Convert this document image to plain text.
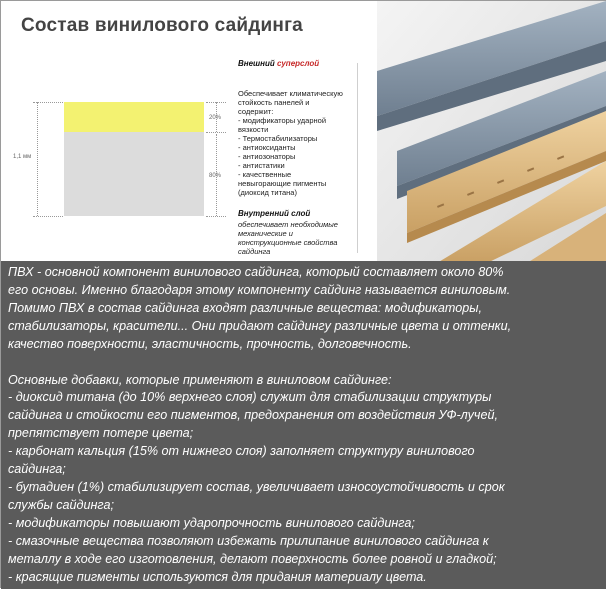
Состав винилового сайдинга
1,1 мм
20%
80%
Внешний суперслой
Обеспечивает климатическую
стойкость панелей и
содержит:
- модификаторы ударной
вязкости
- Термостабилизаторы
- антиоксиданты
- антиозонаторы
- антистатики
- качественные
невыгорающие пигменты
(диоксид титана)
Внутренний слой
обеспечивает необходимые
механические и
конструкционные свойства
сайдинга

ПВХ - основной компонент винилового сайдинга, который составляет около 80%

его основы. Именно благодаря этому компоненту сайдинг называется виниловым.

Помимо ПВХ в состав сайдинга входят различные вещества: модификаторы,

стабилизаторы, красители... Они придают сайдингу различные цвета и оттенки,

качество поверхности, эластичность, прочность, долговечность.

Основные добавки, которые применяют в виниловом сайдинге:

- диоксид титана (до 10% верхнего слоя) служит для стабилизации структуры

сайдинга и стойкости его пигментов, предохранения от воздействия УФ-лучей,

препятствует потере цвета;

- карбонат кальция (15% от нижнего слоя) заполняет структуру винилового

сайдинга;

- бутадиен (1%) стабилизирует состав, увеличивает износоустойчивость и срок

службы сайдинга;

- модификаторы повышают ударопрочность винилового сайдинга;

- смазочные вещества позволяют избежать прилипание винилового сайдинга к

металлу в ходе его изготовления, делают поверхность более ровной и гладкой;

- красящие пигменты используются для придания материалу цвета.
